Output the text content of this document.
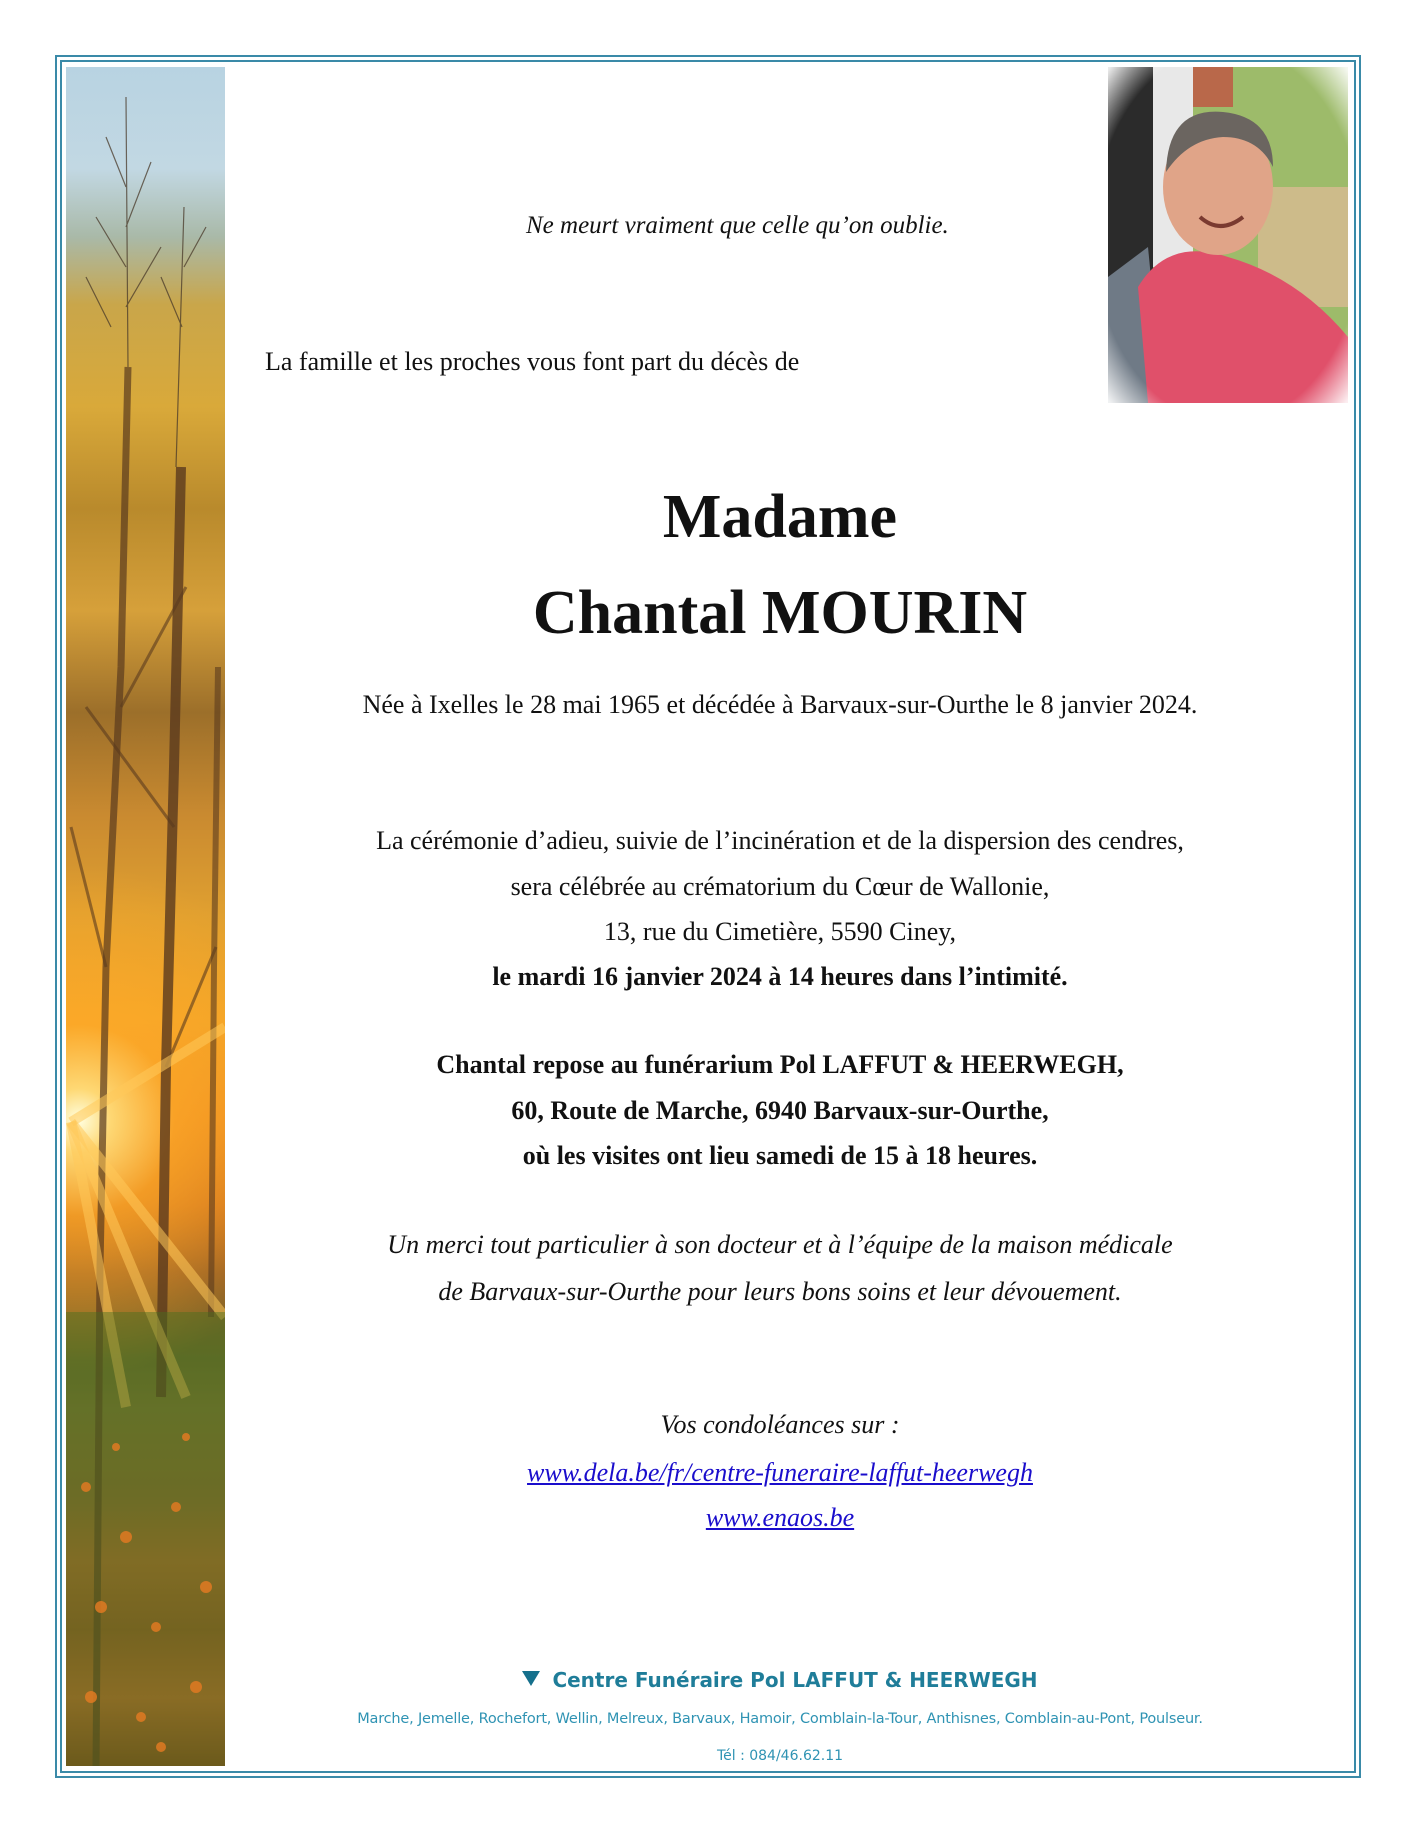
Ne meurt vraiment que celle qu’on oublie.
La famille et les proches vous font part du décès de
Madame
Chantal MOURIN
Née à Ixelles le 28 mai 1965 et décédée à Barvaux-sur-Ourthe le 8 janvier 2024.
La cérémonie d’adieu, suivie de l’incinération et de la dispersion des cendres,
sera célébrée au crématorium du Cœur de Wallonie,
13, rue du Cimetière, 5590 Ciney,
le mardi 16 janvier 2024 à 14 heures dans l’intimité.
Chantal repose au funérarium Pol LAFFUT & HEERWEGH,
60, Route de Marche, 6940 Barvaux-sur-Ourthe,
où les visites ont lieu samedi de 15 à 18 heures.
Un merci tout particulier à son docteur et à l’équipe de la maison médicale
de Barvaux-sur-Ourthe pour leurs bons soins et leur dévouement.
Vos condoléances sur :
www.dela.be/fr/centre-funeraire-laffut-heerwegh
www.enaos.be
Centre Funéraire Pol LAFFUT & HEERWEGH
Marche, Jemelle, Rochefort, Wellin, Melreux, Barvaux, Hamoir, Comblain-la-Tour, Anthisnes, Comblain-au-Pont, Poulseur.
Tél : 084/46.62.11
